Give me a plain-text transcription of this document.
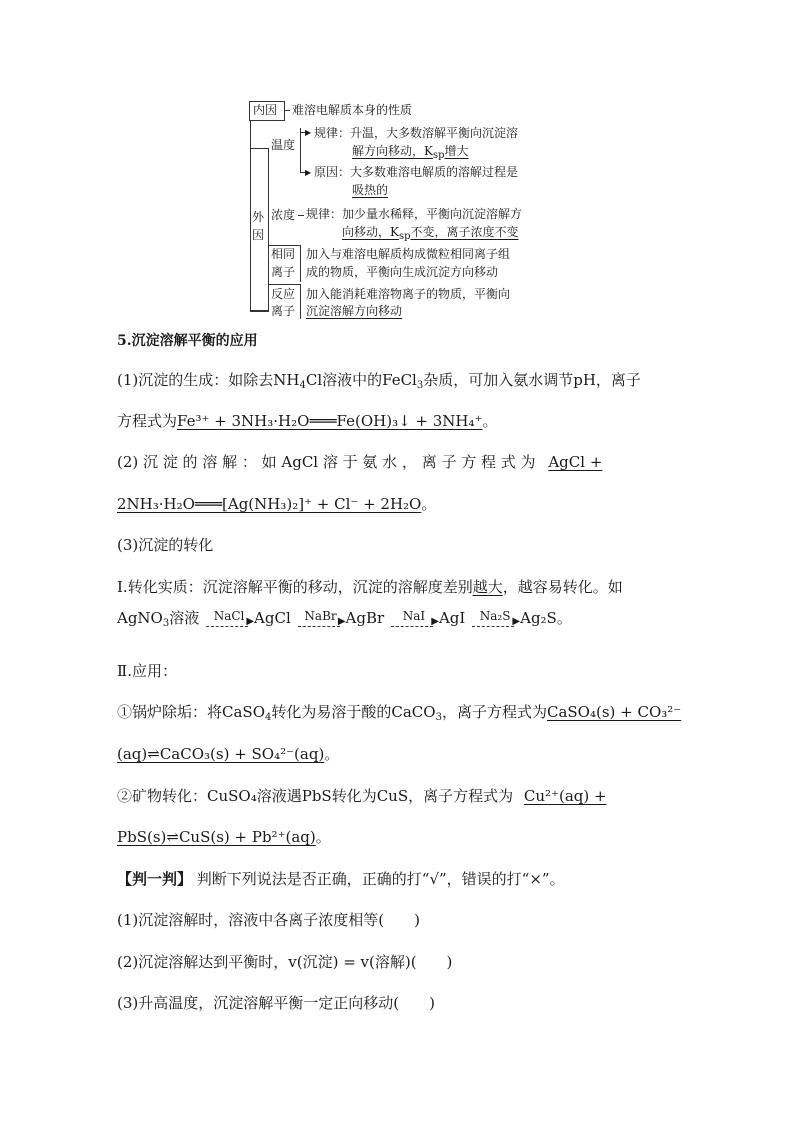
内因 难溶电解质本身的性质
外
因
温度
▶
▶
规律：升温，大多数溶解平衡向沉淀溶
解方向移动，$K_{sp}$增大
原因：大多数难溶电解质的溶解过程是
吸热的
浓度 规律：加少量水稀释，平衡向沉淀溶解方
向移动，$K_{sp}$不变，离子浓度不变
相同
离子
加入与难溶电解质构成微粒相同离子组
成的物质，平衡向生成沉淀方向移动
反应
离子
加入能消耗难溶物离子的物质，平衡向
沉淀溶解方向移动
5.沉淀溶解平衡的应用
(1)沉淀的生成：如除去$NH_4Cl$溶液中的FeCl$_3$杂质，可加入氨水调节pH，离子
方程式为Fe³⁺ + 3NH₃·H₂O═══Fe(OH)₃↓ + 3NH₄⁺。
(2) 沉 淀 的 溶 解 ： 如 AgCl 溶 于 氨 水 ， 离 子 方 程 式 为 AgCl +
2NH₃·H₂O═══[Ag(NH₃)₂]⁺ + Cl⁻ + 2H₂O。
(3)沉淀的转化
Ⅰ.转化实质：沉淀溶解平衡的移动，沉淀的溶解度差别越大，越容易转化。如
AgNO$_3$溶液	NaCl ▶ AgCl	NaBr ▶ AgBr	NaI ▶ AgI	Na₂S ▶ Ag₂S。
Ⅱ.应用：
①锅炉除垢：将CaSO$_4$转化为易溶于酸的CaCO$_3$，离子方程式为CaSO₄(s) + CO₃²⁻
(aq)⇌CaCO₃(s) + SO₄²⁻(aq)。
②矿物转化：CuSO₄溶液遇PbS转化为CuS，离子方程式为 Cu²⁺(aq) +
PbS(s)⇌CuS(s) + Pb²⁺(aq)。
【判一判】 判断下列说法是否正确，正确的打“√”，错误的打“×”。
(1)沉淀溶解时，溶液中各离子浓度相等(　　)
(2)沉淀溶解达到平衡时，v(沉淀) = v(溶解)(　　)
(3)升高温度，沉淀溶解平衡一定正向移动(　　)
